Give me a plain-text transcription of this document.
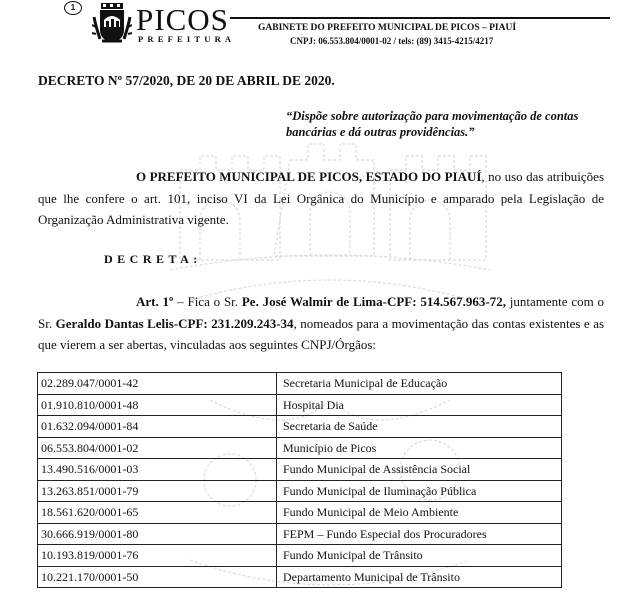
1 PICOS
PREFEITURA
GABINETE DO PREFEITO MUNICIPAL DE PICOS – PIAUÍ
CNPJ: 06.553.804/0001-02 / tels: (89) 3415-4215/4217
DECRETO Nº 57/2020, DE 20 DE ABRIL DE 2020.
“Dispõe sobre autorização para movimentação de contas bancárias e dá outras providências.”
O PREFEITO MUNICIPAL DE PICOS, ESTADO DO PIAUÍ, no uso das atribuições que lhe confere o art. 101, inciso VI da Lei Orgânica do Município e amparado pela Legislação de Organização Administrativa vigente.
DECRETA:
Art. 1º – Fica o Sr. Pe. José Walmir de Lima-CPF: 514.567.963-72, juntamente com o Sr. Geraldo Dantas Lelis-CPF: 231.209.243-34, nomeados para a movimentação das contas existentes e as que vierem a ser abertas, vinculadas aos seguintes CNPJ/Órgãos:
02.289.047/0001-42	Secretaria Municipal de Educação
01.910.810/0001-48	Hospital Dia
01.632.094/0001-84	Secretaria de Saúde
06.553.804/0001-02	Município de Picos
13.490.516/0001-03	Fundo Municipal de Assistência Social
13.263.851/0001-79	Fundo Municipal de Iluminação Pública
18.561.620/0001-65	Fundo Municipal de Meio Ambiente
30.666.919/0001-80	FEPM – Fundo Especial dos Procuradores
10.193.819/0001-76	Fundo Municipal de Trânsito
10.221.170/0001-50	Departamento Municipal de Trânsito
